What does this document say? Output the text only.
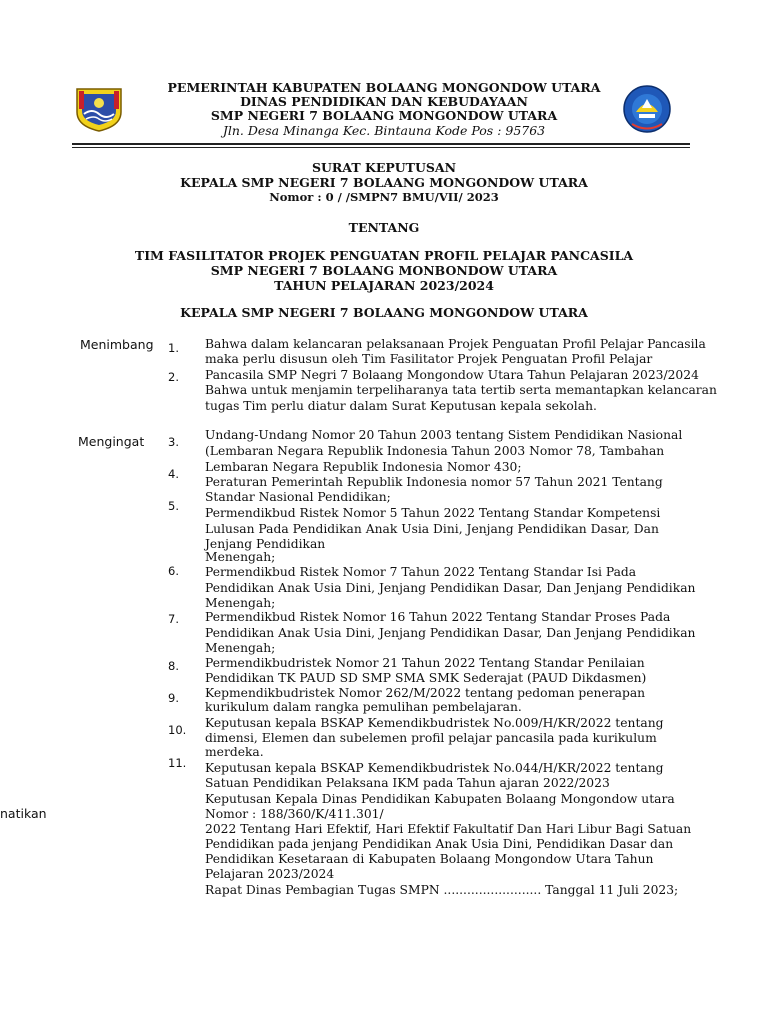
PEMERINTAH KABUPATEN BOLAANG MONGONDOW UTARA
DINAS PENDIDIKAN DAN KEBUDAYAAN
SMP NEGERI 7 BOLAANG MONGONDOW UTARA
Jln. Desa Minanga Kec. Bintauna Kode Pos : 95763
SURAT KEPUTUSAN
KEPALA SMP NEGERI 7 BOLAANG MONGONDOW UTARA
Nomor : 0 / /SMPN7 BMU/VII/ 2023
TENTANG
TIM FASILITATOR PROJEK PENGUATAN PROFIL PELAJAR PANCASILA
SMP NEGERI 7 BOLAANG MONBONDOW UTARA
TAHUN PELAJARAN 2023/2024
KEPALA SMP NEGERI 7 BOLAANG MONGONDOW UTARA
Menimbang
Mengingat
natikan
1.
2.
3.
4.
5.
6.
7.
8.
9.
10.
11.
Bahwa dalam kelancaran pelaksanaan Projek Penguatan Profil Pelajar Pancasila
maka perlu disusun oleh Tim Fasilitator Projek Penguatan Profil Pelajar
Pancasila SMP Negri 7 Bolaang Mongondow Utara Tahun Pelajaran 2023/2024
Bahwa untuk menjamin terpeliharanya tata tertib serta memantapkan kelancaran
tugas Tim perlu diatur dalam Surat Keputusan kepala sekolah.
Undang-Undang Nomor 20 Tahun 2003 tentang Sistem Pendidikan Nasional
(Lembaran Negara Republik Indonesia Tahun 2003 Nomor 78, Tambahan
Lembaran Negara Republik Indonesia Nomor 430;
Peraturan Pemerintah Republik Indonesia nomor 57 Tahun 2021 Tentang
Standar Nasional Pendidikan;
Permendikbud Ristek Nomor 5 Tahun 2022 Tentang Standar Kompetensi
Lulusan Pada Pendidikan Anak Usia Dini, Jenjang Pendidikan Dasar, Dan
Jenjang Pendidikan
Menengah;
Permendikbud Ristek Nomor 7 Tahun 2022 Tentang Standar Isi Pada
Pendidikan Anak Usia Dini, Jenjang Pendidikan Dasar, Dan Jenjang Pendidikan
Menengah;
Permendikbud Ristek Nomor 16 Tahun 2022 Tentang Standar Proses Pada
Pendidikan Anak Usia Dini, Jenjang Pendidikan Dasar, Dan Jenjang Pendidikan
Menengah;
Permendikbudristek Nomor 21 Tahun 2022 Tentang Standar Penilaian
Pendidikan TK PAUD SD SMP SMA SMK Sederajat (PAUD Dikdasmen)
Kepmendikbudristek Nomor 262/M/2022 tentang pedoman penerapan
kurikulum dalam rangka pemulihan pembelajaran.
Keputusan kepala BSKAP Kemendikbudristek No.009/H/KR/2022 tentang
dimensi, Elemen dan subelemen profil pelajar pancasila pada kurikulum
merdeka.
Keputusan kepala BSKAP Kemendikbudristek No.044/H/KR/2022 tentang
Satuan Pendidikan Pelaksana IKM pada Tahun ajaran 2022/2023
Keputusan Kepala Dinas Pendidikan Kabupaten Bolaang Mongondow utara
Nomor : 188/360/K/411.301/
2022 Tentang Hari Efektif, Hari Efektif Fakultatif Dan Hari Libur Bagi Satuan
Pendidikan pada jenjang Pendidikan Anak Usia Dini, Pendidikan Dasar dan
Pendidikan Kesetaraan di Kabupaten Bolaang Mongondow Utara Tahun
Pelajaran 2023/2024
Rapat Dinas Pembagian Tugas SMPN ......................... Tanggal 11 Juli 2023;
